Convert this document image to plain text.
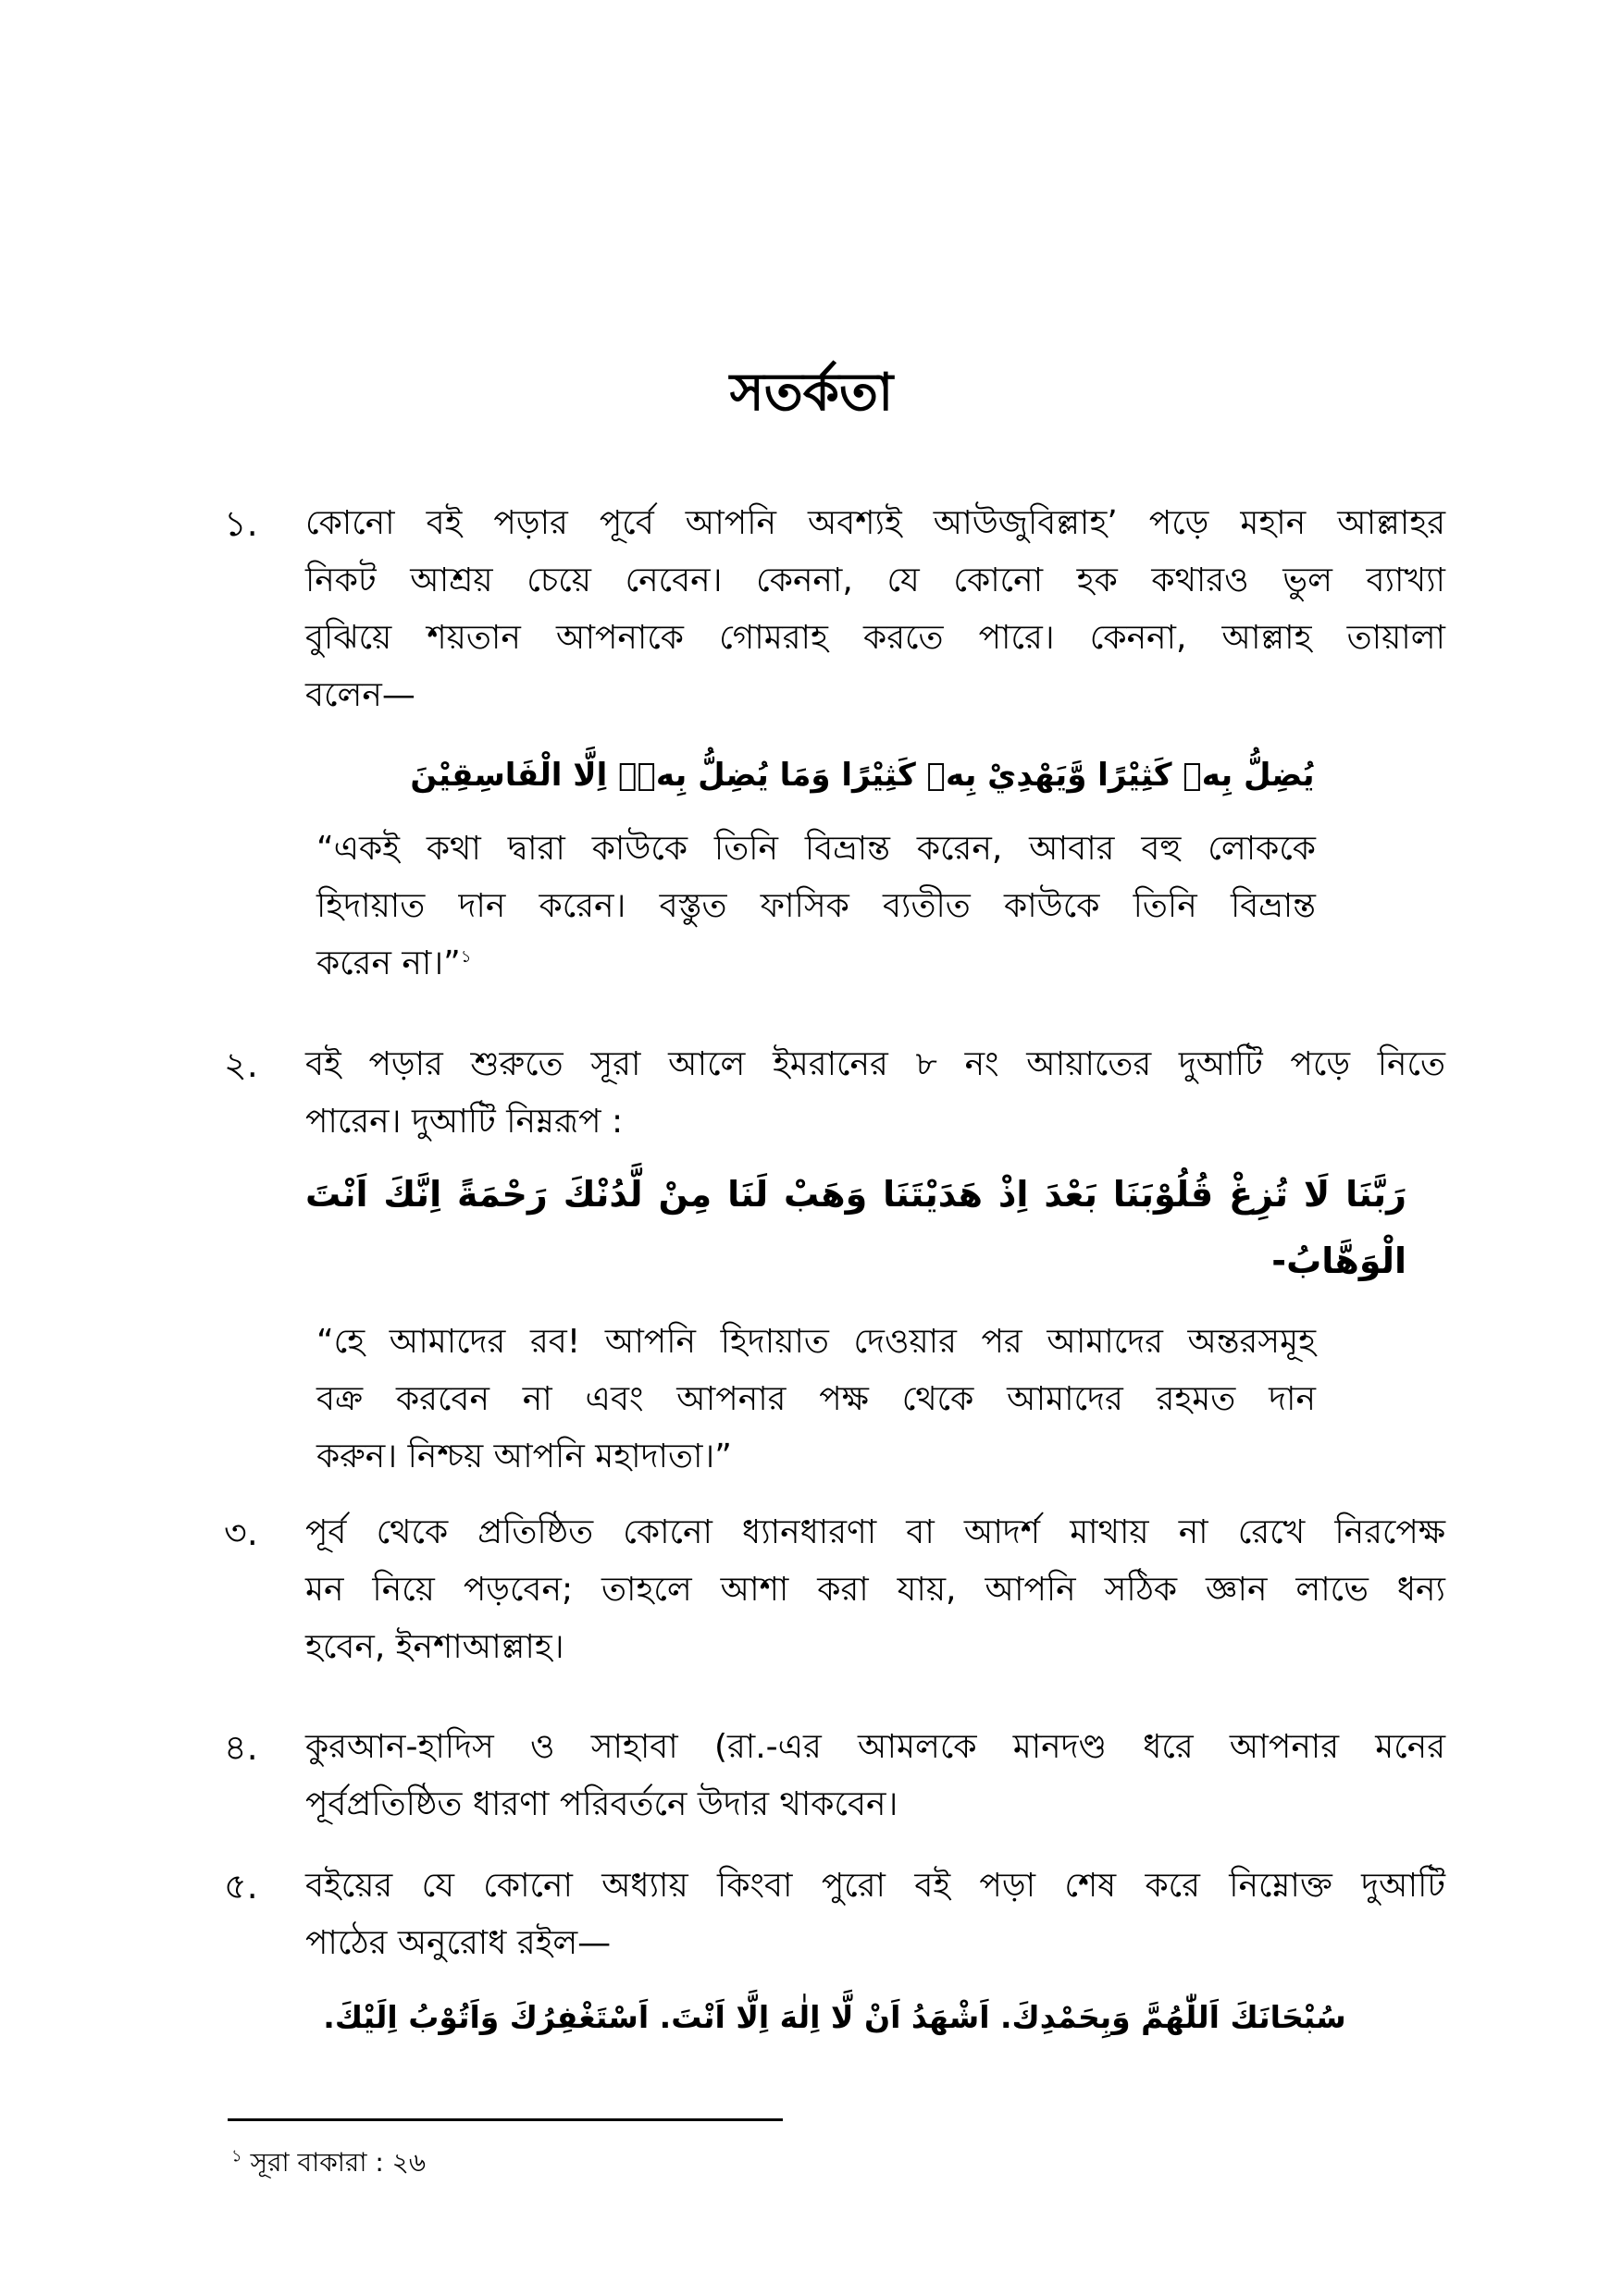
সতর্কতা
১. কোনো বই পড়ার পূর্বে আপনি অবশ্যই আউজুবিল্লাহ’ পড়ে মহান আল্লাহর
নিকট আশ্রয় চেয়ে নেবেন। কেননা, যে কোনো হক কথারও ভুল ব্যাখ্যা
বুঝিয়ে শয়তান আপনাকে গোমরাহ করতে পারে। কেননা, আল্লাহ তায়ালা
বলেন—
يُضِلُّ بِهٖ كَثِيْرًا وَّيَهْدِيْ بِهٖ كَثِيْرًا وَمَا يُضِلُّ بِهٖۤ اِلَّا الْفَاسِقِيْنَ
“একই কথা দ্বারা কাউকে তিনি বিভ্রান্ত করেন, আবার বহু লোককে
হিদায়াত দান করেন। বস্তুত ফাসিক ব্যতীত কাউকে তিনি বিভ্রান্ত
করেন না।”$^১$
২. বই পড়ার শুরুতে সূরা আলে ইমরানের ৮ নং আয়াতের দুআটি পড়ে নিতে
পারেন। দুআটি নিম্নরূপ :
رَبَّنَا لَا تُزِغْ قُلُوْبَنَا بَعْدَ اِذْ هَدَيْتَنَا وَهَبْ لَنَا مِنْ لَّدُنْكَ رَحْمَةً اِنَّكَ اَنْتَ
الْوَهَّابُ-
“হে আমাদের রব! আপনি হিদায়াত দেওয়ার পর আমাদের অন্তরসমূহ
বক্র করবেন না এবং আপনার পক্ষ থেকে আমাদের রহমত দান
করুন। নিশ্চয় আপনি মহাদাতা।”
৩. পূর্ব থেকে প্রতিষ্ঠিত কোনো ধ্যানধারণা বা আদর্শ মাথায় না রেখে নিরপেক্ষ
মন নিয়ে পড়বেন; তাহলে আশা করা যায়, আপনি সঠিক জ্ঞান লাভে ধন্য
হবেন, ইনশাআল্লাহ।
৪. কুরআন-হাদিস ও সাহাবা (রা.-এর আমলকে মানদণ্ড ধরে আপনার মনের
পূর্বপ্রতিষ্ঠিত ধারণা পরিবর্তনে উদার থাকবেন।
৫. বইয়ের যে কোনো অধ্যায় কিংবা পুরো বই পড়া শেষ করে নিম্নোক্ত দুআটি
পাঠের অনুরোধ রইল—
سُبْحَانَكَ اَللّٰهُمَّ وَبِحَمْدِكَ. اَشْهَدُ اَنْ لَّا اِلٰهَ اِلَّا اَنْتَ. اَسْتَغْفِرُكَ وَاَتُوْبُ اِلَيْكَ.
$^১$ সূরা বাকারা : ২৬
